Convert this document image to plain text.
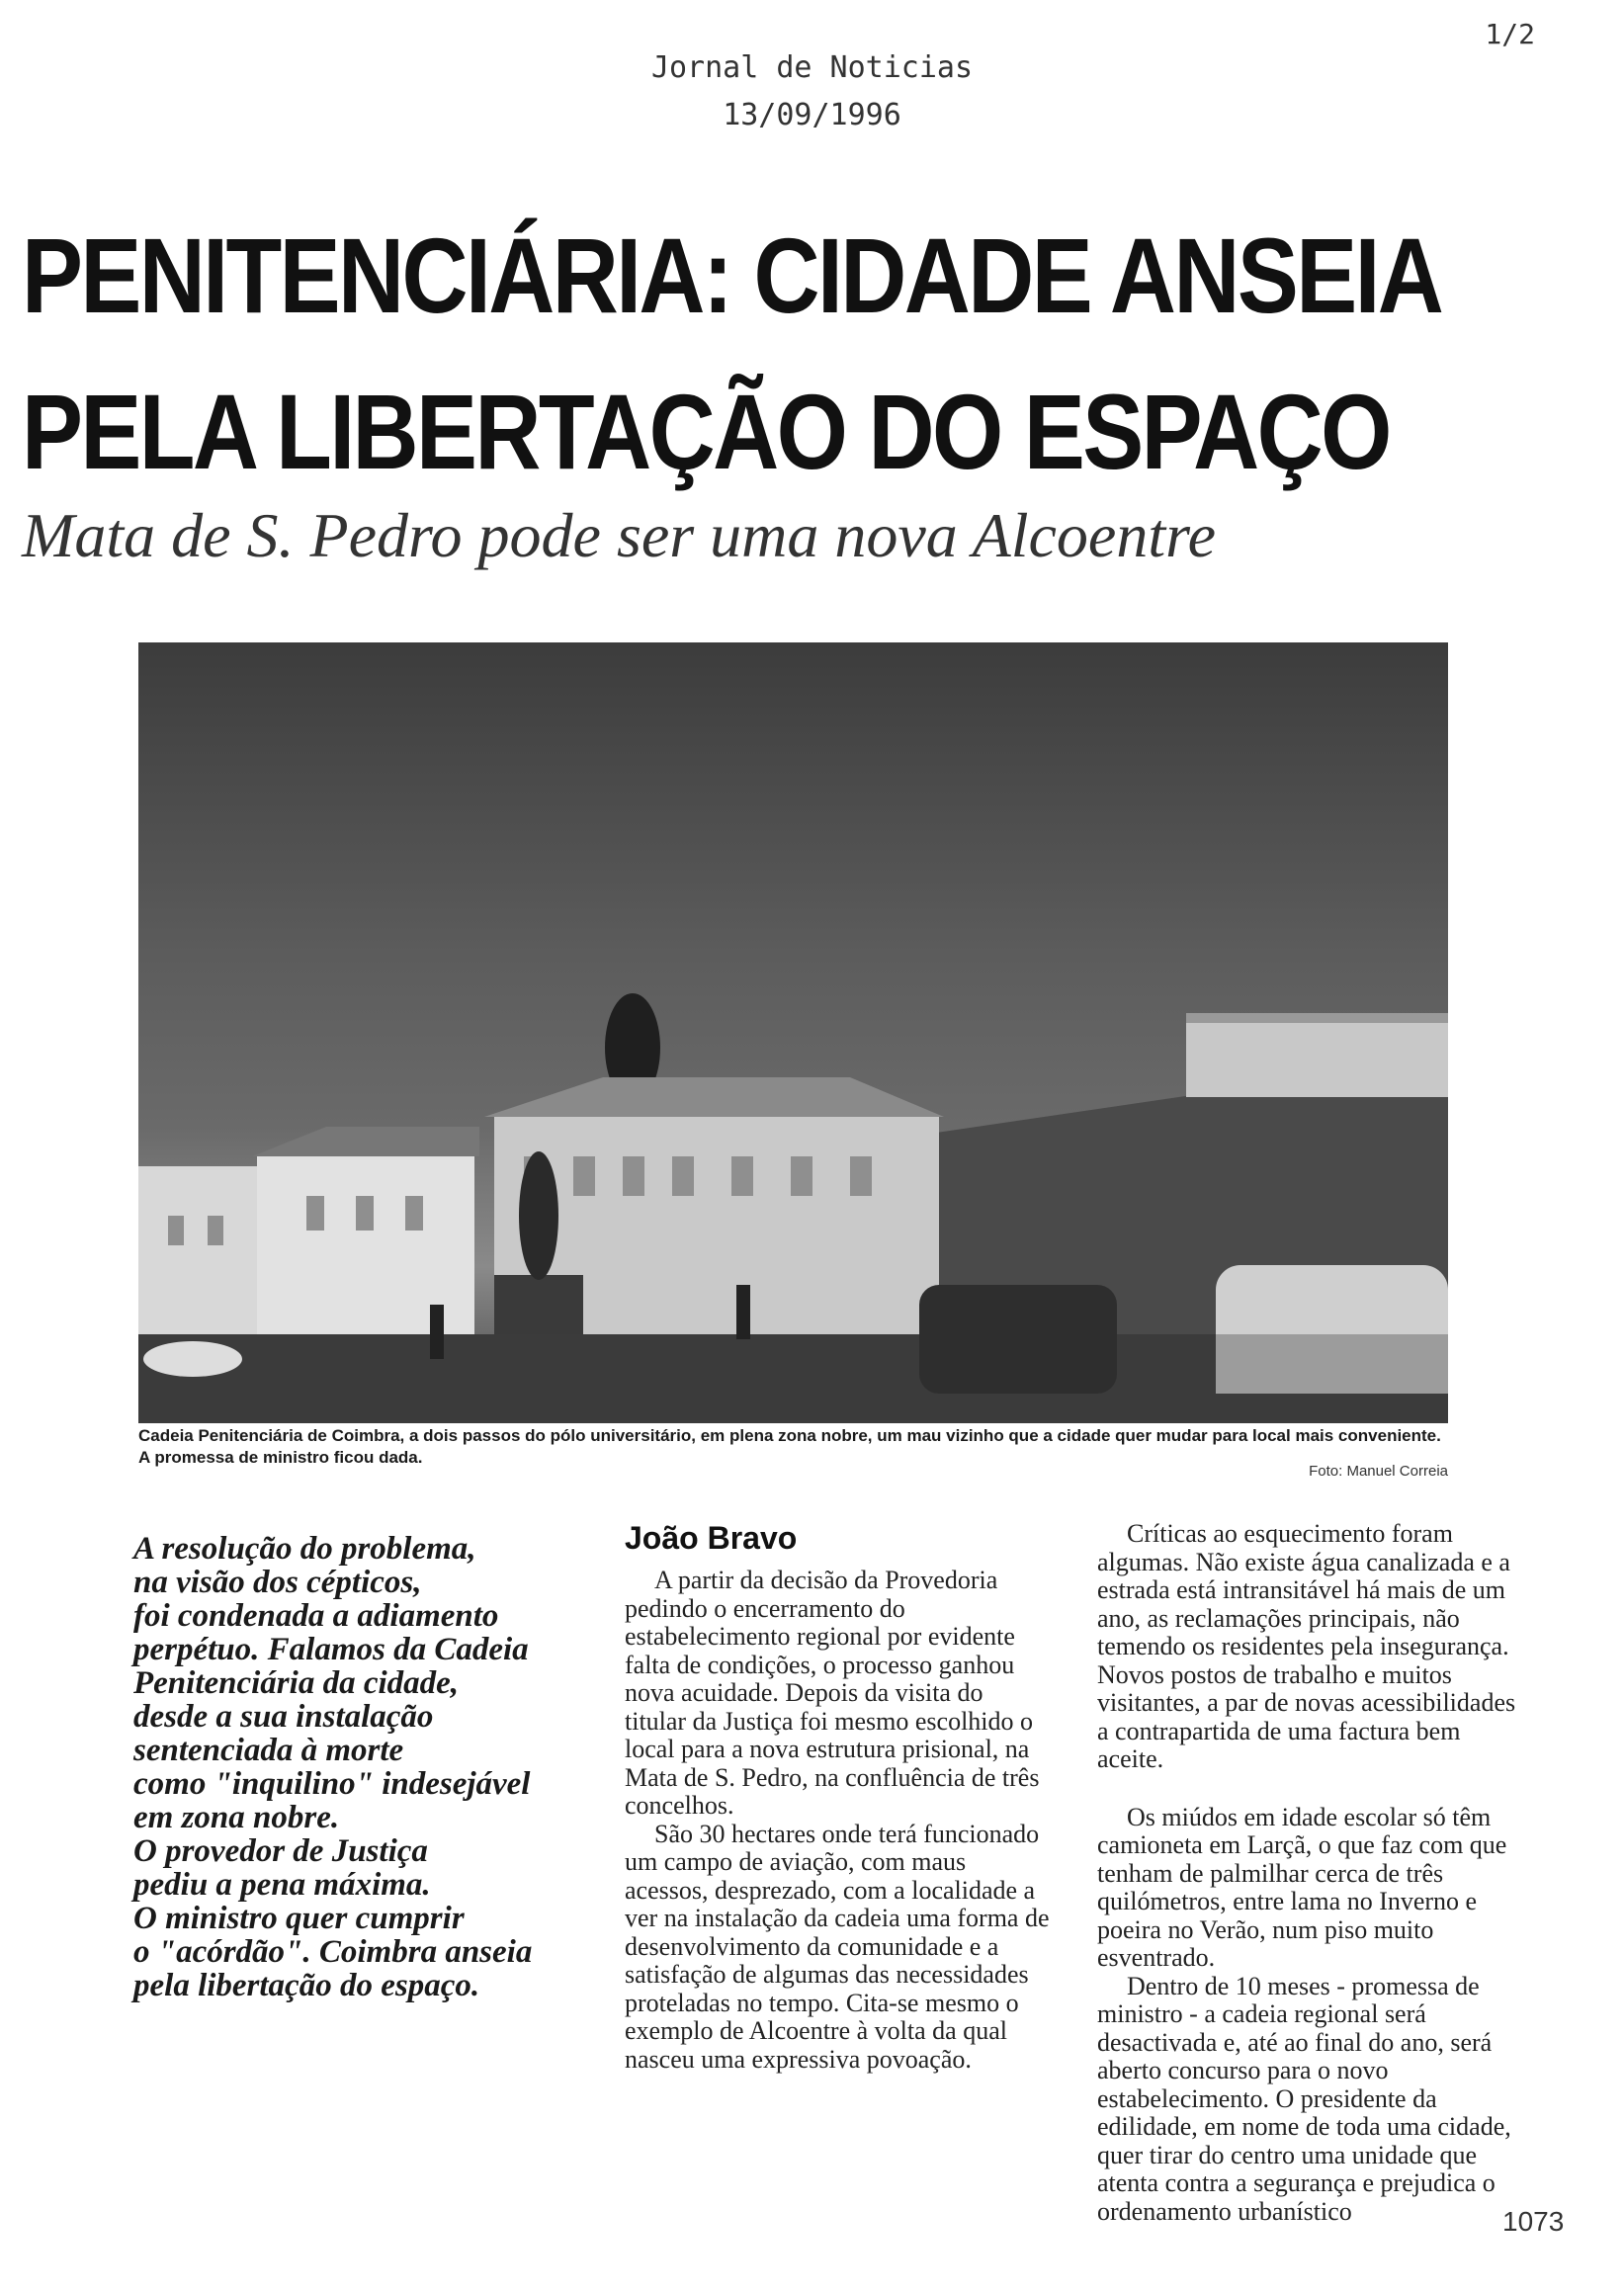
1/2
Jornal de Noticias
13/09/1996
PENITENCIÁRIA: CIDADE ANSEIA PELA LIBERTAÇÃO DO ESPAÇO
Mata de S. Pedro pode ser uma nova Alcoentre

Cadeia Penitenciária de Coimbra, a dois passos do pólo universitário, em plena zona nobre, um mau vizinho que a cidade quer mudar para local mais conveniente. A promessa de ministro ficou dada.

Foto: Manuel Correia
A resolução do problema,
na visão dos cépticos,
foi condenada a adiamento
perpétuo. Falamos da Cadeia
Penitenciária da cidade,
desde a sua instalação
sentenciada à morte
como "inquilino" indesejável
em zona nobre.
O provedor de Justiça
pediu a pena máxima.
O ministro quer cumprir
o "acórdão". Coimbra anseia
pela libertação do espaço.
João Bravo

A partir da decisão da Provedoria pedindo o encerramento do estabelecimento regional por evidente falta de condições, o processo ganhou nova acuidade. Depois da visita do titular da Justiça foi mesmo escolhido o local para a nova estrutura prisional, na Mata de S. Pedro, na confluência de três concelhos.

São 30 hectares onde terá funcionado um campo de aviação, com maus acessos, desprezado, com a localidade a ver na instalação da cadeia uma forma de desenvolvimento da comunidade e a satisfação de algumas das necessidades proteladas no tempo. Cita-se mesmo o exemplo de Alcoentre à volta da qual nasceu uma expressiva povoação.

Críticas ao esquecimento foram algumas. Não existe água canalizada e a estrada está intransitável há mais de um ano, as reclamações principais, não temendo os residentes pela insegurança. Novos postos de trabalho e muitos visitantes, a par de novas acessibilidades a contrapartida de uma factura bem aceite.

Os miúdos em idade escolar só têm camioneta em Larçã, o que faz com que tenham de palmilhar cerca de três quilómetros, entre lama no Inverno e poeira no Verão, num piso muito esventrado.

Dentro de 10 meses - promessa de ministro - a cadeia regional será desactivada e, até ao final do ano, será aberto concurso para o novo estabelecimento. O presidente da edilidade, em nome de toda uma cidade, quer tirar do centro uma unidade que atenta contra a segurança e prejudica o ordenamento urbanístico	1073
